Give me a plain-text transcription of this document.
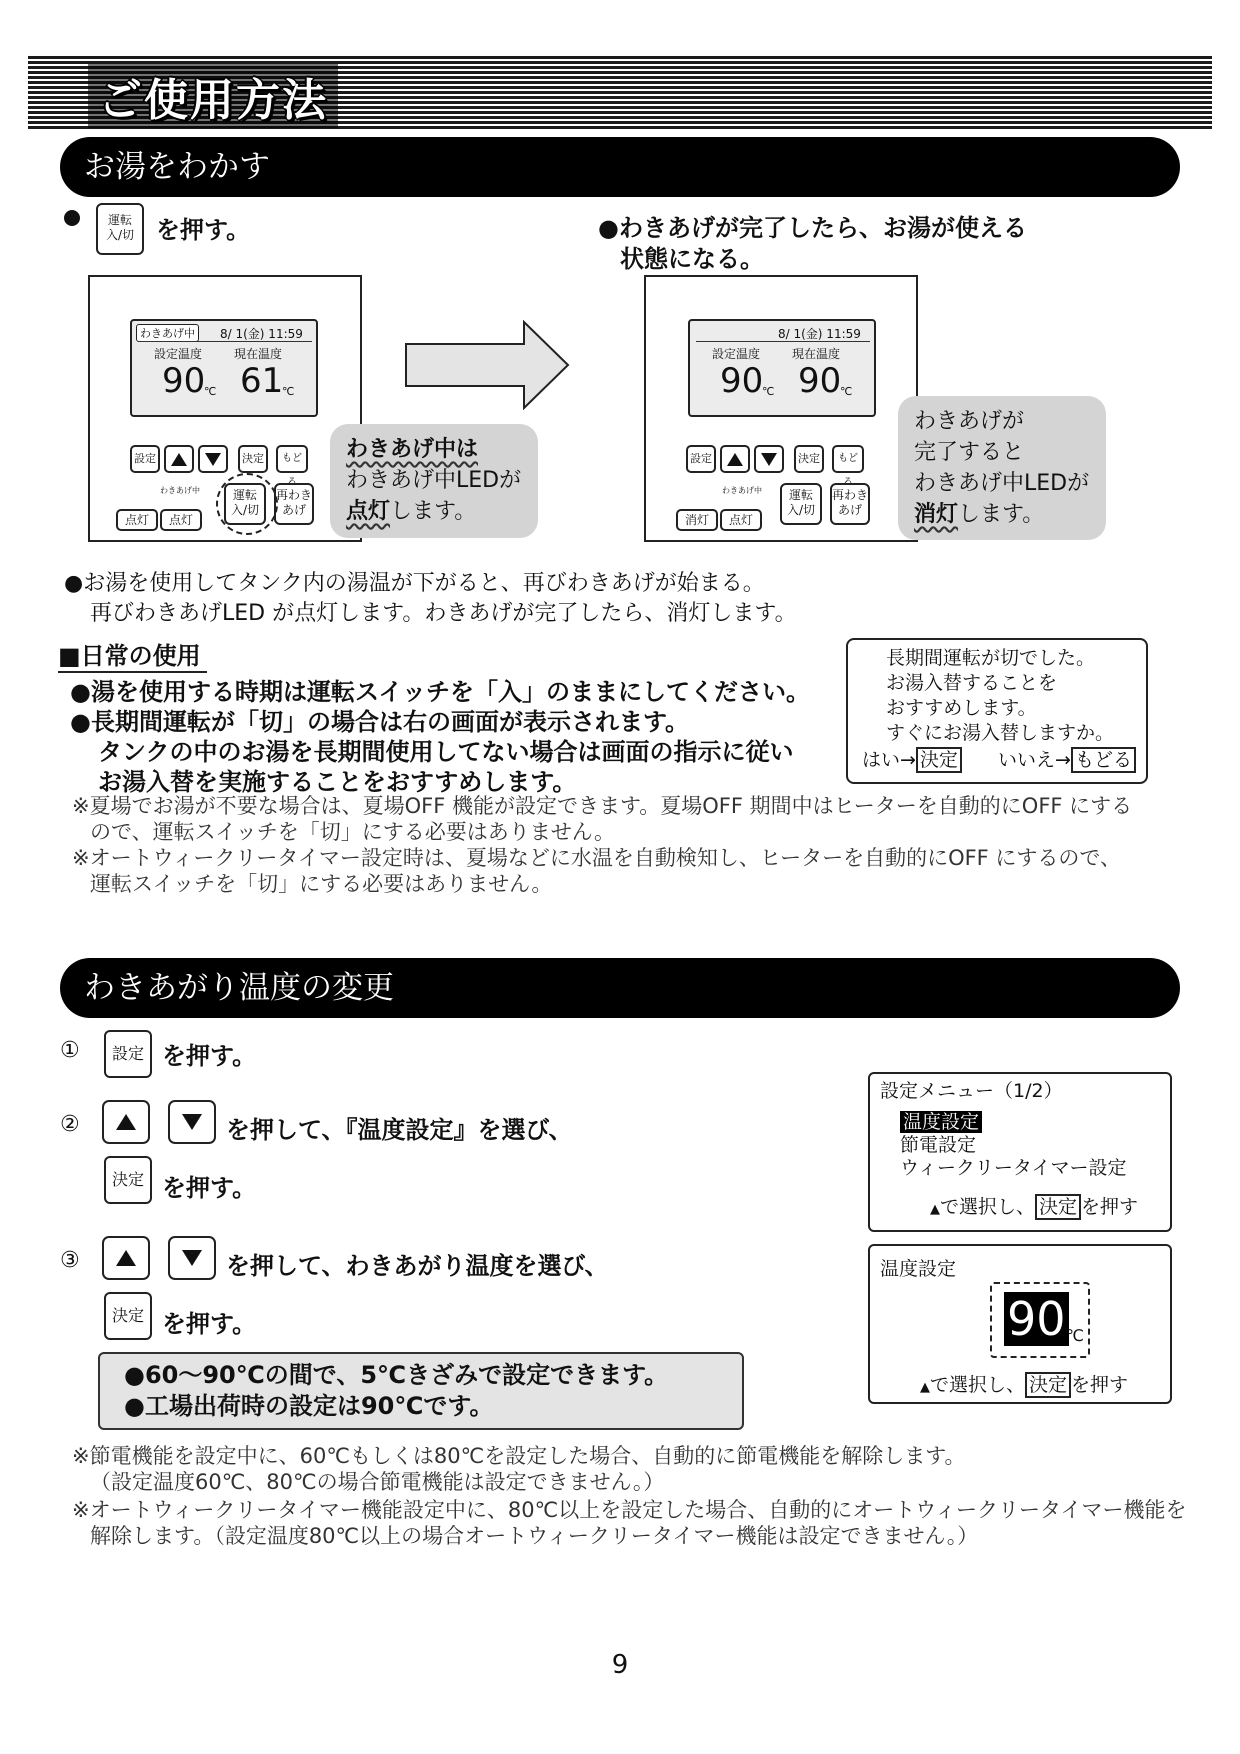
ご使用方法
お湯をわかす
運転
入/切 を押す。	●わきあげが完了したら、お湯が使える
状態になる。
わきあげ中	8/ 1(金) 11:59
設定温度	現在温度
90
℃ 61
℃
設定	決定	もど
わきあげ中
点灯	点灯
運転
入/切
再わき
あげ
わきあげ中は
わきあげ中LEDが
点灯します。
8/ 1(金) 11:59
設定温度	現在温度
90
℃ 90
℃
設定	決定	もど
わきあげ中
消灯	点灯
運転
入/切
再わき
あげ
わきあげが
完了すると
わきあげ中LEDが
消灯します。
●お湯を使用してタンク内の湯温が下がると、再びわきあげが始まる。
再びわきあげLED が点灯します。わきあげが完了したら、消灯します。
■日常の使用
●湯を使用する時期は運転スイッチを「入」のままにしてください。
●長期間運転が「切」の場合は右の画面が表示されます。
タンクの中のお湯を長期間使用してない場合は画面の指示に従い
お湯入替を実施することをおすすめします。
長期間運転が切でした。
お湯入替することを
おすすめします。
すぐにお湯入替しますか。
はい→ 決定 いいえ→ もどる
※夏場でお湯が不要な場合は、夏場OFF 機能が設定できます。夏場OFF 期間中はヒーターを自動的にOFF にする
ので、運転スイッチを「切」にする必要はありません。
※オートウィークリータイマー設定時は、夏場などに水温を自動検知し、ヒーターを自動的にOFF にするので、
運転スイッチを「切」にする必要はありません。
わきあがり温度の変更
①	設定 を押す。
②	を押して、『温度設定』を選び、
決定 を押す。
③	を押して、わきあがり温度を選び、
決定 を押す。
●60～90℃の間で、5℃きざみで設定できます。
●工場出荷時の設定は90℃です。
設定メニュー（1/2）
温度設定
節電設定
ウィークリータイマー設定
▲で選択し、 決定 を押す
温度設定
90 ℃
▲で選択し、 決定 を押す
※節電機能を設定中に、60℃もしくは80℃を設定した場合、自動的に節電機能を解除します。
（設定温度60℃、80℃の場合節電機能は設定できません。）
※オートウィークリータイマー機能設定中に、80℃以上を設定した場合、自動的にオートウィークリータイマー機能を
解除します。（設定温度80℃以上の場合オートウィークリータイマー機能は設定できません。）
9
